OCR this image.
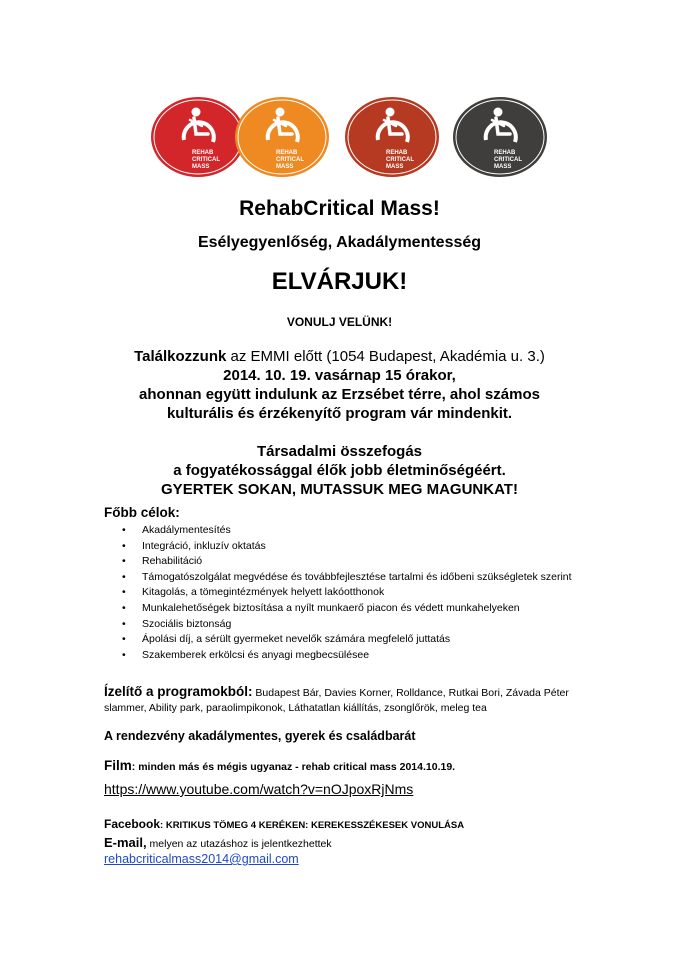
REHAB
CRITICAL
MASS
REHAB
CRITICAL
MASS
REHAB
CRITICAL
MASS
REHAB
CRITICAL
MASS
RehabCritical Mass!
Esélyegyenlőség, Akadálymentesség
ELVÁRJUK!
VONULJ VELÜNK!
Találkozzunk az EMMI előtt (1054 Budapest, Akadémia u. 3.)
2014. 10. 19. vasárnap 15 órakor,
ahonnan együtt indulunk az Erzsébet térre, ahol számos
kulturális és érzékenyítő program vár mindenkit.
Társadalmi összefogás
a fogyatékossággal élők jobb életminőségéért.
GYERTEK SOKAN, MUTASSUK MEG MAGUNKAT!
Főbb célok:
• Akadálymentesítés
• Integráció, inkluzív oktatás
• Rehabilitáció
• Támogatószolgálat megvédése és továbbfejlesztése tartalmi és időbeni szükségletek szerint
• Kitagolás, a tömegintézmények helyett lakóotthonok
• Munkalehetőségek biztosítása a nyílt munkaerő piacon és védett munkahelyeken
• Szociális biztonság
• Ápolási díj, a sérült gyermeket nevelők számára megfelelő juttatás
• Szakemberek erkölcsi és anyagi megbecsülésee
Ízelítő a programokból: Budapest Bár, Davies Korner, Rolldance, Rutkai Bori, Závada Péter slammer, Ability park, paraolimpikonok, Láthatatlan kiállítás, zsonglőrök, meleg tea
A rendezvény akadálymentes, gyerek és családbarát
Film: minden más és mégis ugyanaz - rehab critical mass 2014.10.19.
https://www.youtube.com/watch?v=nOJpoxRjNms
Facebook: KRITIKUS TÖMEG 4 KERÉKEN: KEREKESSZÉKESEK VONULÁSA
E-mail, melyen az utazáshoz is jelentkezhettek
rehabcriticalmass2014@gmail.com
